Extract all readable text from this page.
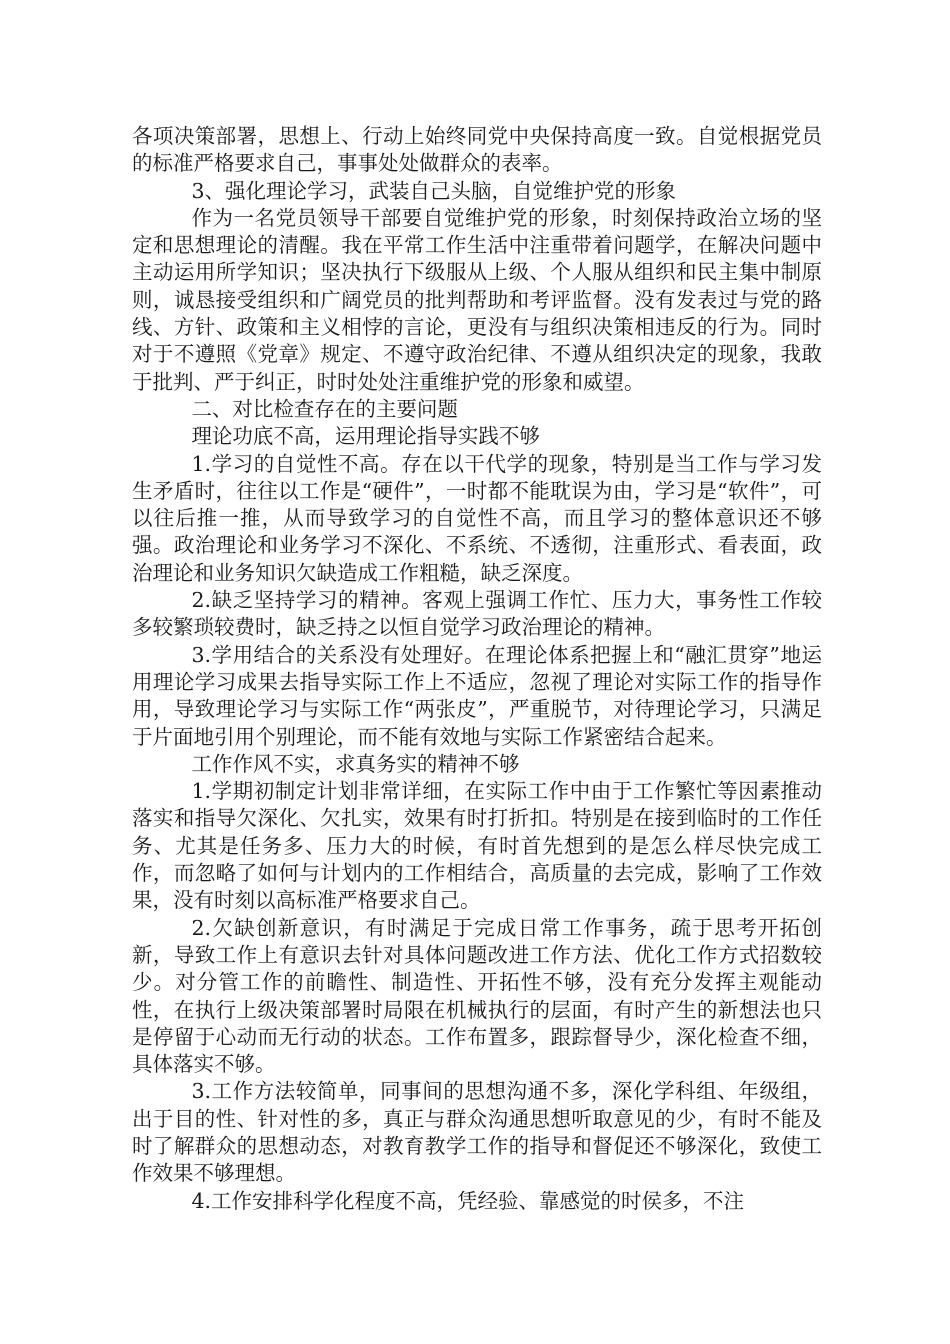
各项决策部署，思想上、行动上始终同党中央保持高度一致。自觉根据党员的标准严格要求自己，事事处处做群众的表率。

3、强化理论学习，武装自己头脑，自觉维护党的形象

作为一名党员领导干部要自觉维护党的形象，时刻保持政治立场的坚定和思想理论的清醒。我在平常工作生活中注重带着问题学，在解决问题中主动运用所学知识；坚决执行下级服从上级、个人服从组织和民主集中制原则，诚恳接受组织和广阔党员的批判帮助和考评监督。没有发表过与党的路线、方针、政策和主义相悖的言论，更没有与组织决策相违反的行为。同时对于不遵照《党章》规定、不遵守政治纪律、不遵从组织决定的现象，我敢于批判、严于纠正，时时处处注重维护党的形象和威望。

二、对比检查存在的主要问题

理论功底不高，运用理论指导实践不够

1.学习的自觉性不高。存在以干代学的现象，特别是当工作与学习发生矛盾时，往往以工作是“硬件”，一时都不能耽误为由，学习是“软件”，可以往后推一推，从而导致学习的自觉性不高，而且学习的整体意识还不够强。政治理论和业务学习不深化、不系统、不透彻，注重形式、看表面，政治理论和业务知识欠缺造成工作粗糙，缺乏深度。

2.缺乏坚持学习的精神。客观上强调工作忙、压力大，事务性工作较多较繁琐较费时，缺乏持之以恒自觉学习政治理论的精神。

3.学用结合的关系没有处理好。在理论体系把握上和“融汇贯穿”地运用理论学习成果去指导实际工作上不适应，忽视了理论对实际工作的指导作用，导致理论学习与实际工作“两张皮”，严重脱节，对待理论学习，只满足于片面地引用个别理论，而不能有效地与实际工作紧密结合起来。

工作作风不实，求真务实的精神不够

1.学期初制定计划非常详细，在实际工作中由于工作繁忙等因素推动落实和指导欠深化、欠扎实，效果有时打折扣。特别是在接到临时的工作任务、尤其是任务多、压力大的时候，有时首先想到的是怎么样尽快完成工作，而忽略了如何与计划内的工作相结合，高质量的去完成，影响了工作效果，没有时刻以高标准严格要求自己。

2.欠缺创新意识，有时满足于完成日常工作事务，疏于思考开拓创新，导致工作上有意识去针对具体问题改进工作方法、优化工作方式招数较少。对分管工作的前瞻性、制造性、开拓性不够，没有充分发挥主观能动性，在执行上级决策部署时局限在机械执行的层面，有时产生的新想法也只是停留于心动而无行动的状态。工作布置多，跟踪督导少，深化检查不细，具体落实不够。

3.工作方法较简单，同事间的思想沟通不多，深化学科组、年级组，出于目的性、针对性的多，真正与群众沟通思想听取意见的少，有时不能及时了解群众的思想动态，对教育教学工作的指导和督促还不够深化，致使工作效果不够理想。

4.工作安排科学化程度不高，凭经验、靠感觉的时侯多，不注
